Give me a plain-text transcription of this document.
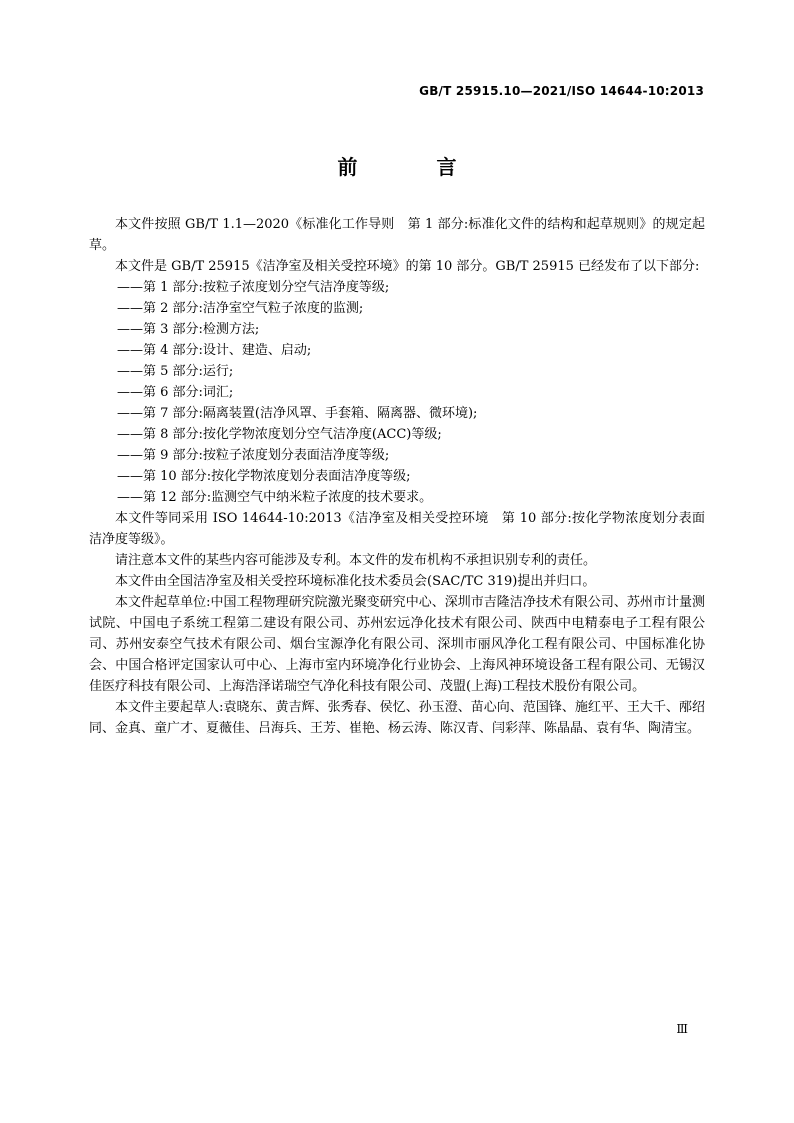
GB/T 25915.10—2021/ISO 14644-10:2013
前 言

本文件按照 GB/T 1.1—2020《标准化工作导则　第 1 部分:标准化文件的结构和起草规则》的规定起草。

本文件是 GB/T 25915《洁净室及相关受控环境》的第 10 部分。GB/T 25915 已经发布了以下部分:

——第 1 部分:按粒子浓度划分空气洁净度等级;
——第 2 部分:洁净室空气粒子浓度的监测;
——第 3 部分:检测方法;
——第 4 部分:设计、建造、启动;
——第 5 部分:运行;
——第 6 部分:词汇;
——第 7 部分:隔离装置(洁净风罩、手套箱、隔离器、微环境);
——第 8 部分:按化学物浓度划分空气洁净度(ACC)等级;
——第 9 部分:按粒子浓度划分表面洁净度等级;
——第 10 部分:按化学物浓度划分表面洁净度等级;
——第 12 部分:监测空气中纳米粒子浓度的技术要求。

本文件等同采用 ISO 14644-10:2013《洁净室及相关受控环境　第 10 部分:按化学物浓度划分表面洁净度等级》。

请注意本文件的某些内容可能涉及专利。本文件的发布机构不承担识别专利的责任。

本文件由全国洁净室及相关受控环境标准化技术委员会(SAC/TC 319)提出并归口。

本文件起草单位:中国工程物理研究院激光聚变研究中心、深圳市吉隆洁净技术有限公司、苏州市计量测试院、中国电子系统工程第二建设有限公司、苏州宏远净化技术有限公司、陕西中电精泰电子工程有限公司、苏州安泰空气技术有限公司、烟台宝源净化有限公司、深圳市丽风净化工程有限公司、中国标准化协会、中国合格评定国家认可中心、上海市室内环境净化行业协会、上海风神环境设备工程有限公司、无锡汉佳医疗科技有限公司、上海浩泽诺瑞空气净化科技有限公司、茂盟(上海)工程技术股份有限公司。

本文件主要起草人:袁晓东、黄吉辉、张秀春、侯忆、孙玉澄、苗心向、范国锋、施红平、王大千、邴绍同、金真、童广才、夏薇佳、吕海兵、王芳、崔艳、杨云涛、陈汉青、闫彩萍、陈晶晶、袁有华、陶清宝。

Ⅲ
